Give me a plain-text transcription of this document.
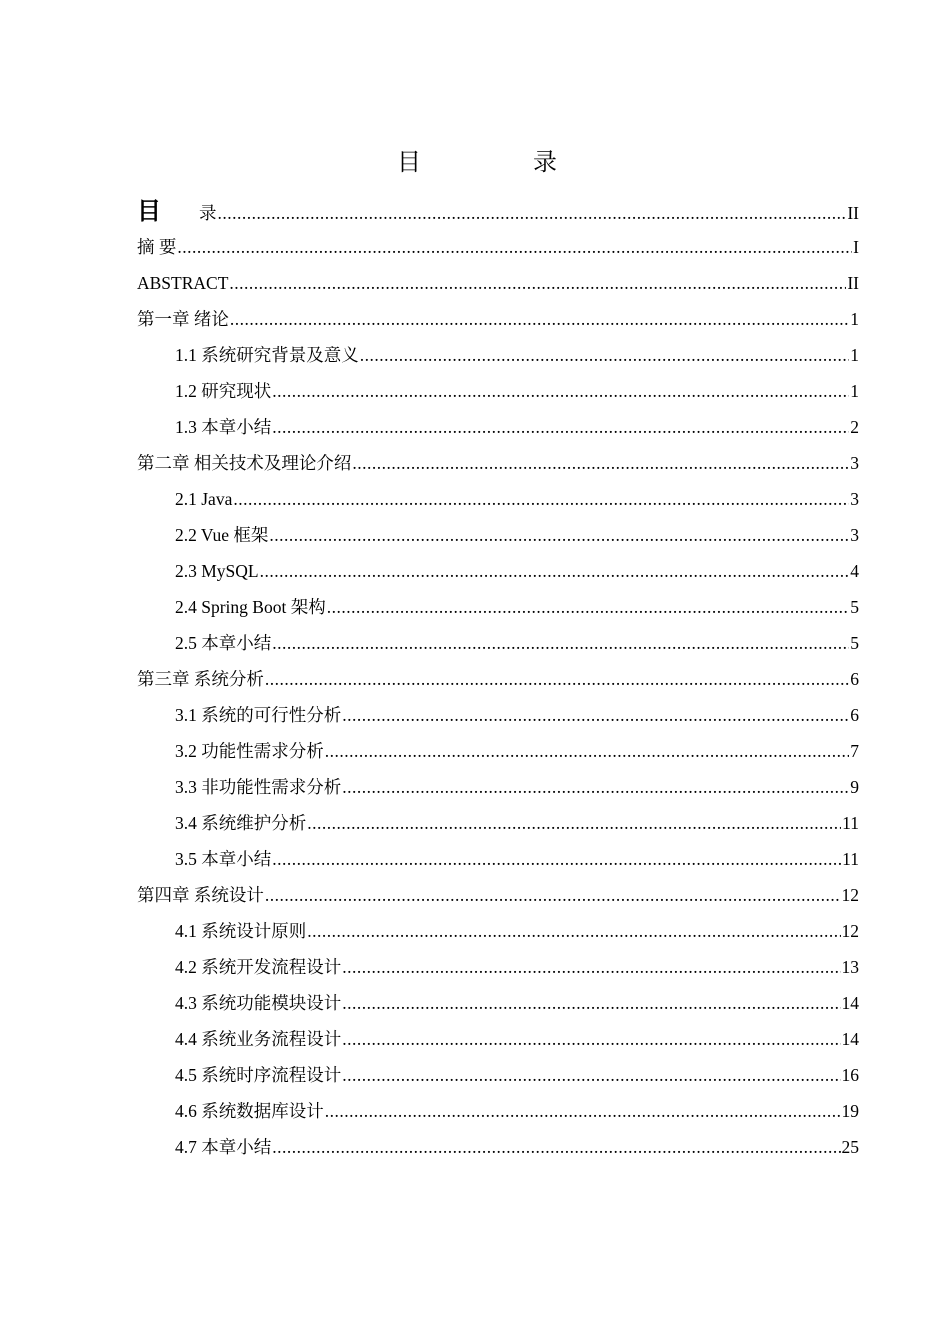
目　录
目 录 .....	II
摘 要 .....	I
ABSTRACT .....	II
第一章 绪论 .....	1
1.1 系统研究背景及意义 .....	1
1.2 研究现状 .....	1
1.3 本章小结 .....	2
第二章 相关技术及理论介绍 .....	3
2.1 Java .....	3
2.2 Vue 框架 .....	3
2.3 MySQL .....	4
2.4 Spring Boot 架构 .....	5
2.5 本章小结 .....	5
第三章 系统分析 .....	6
3.1 系统的可行性分析 .....	6
3.2 功能性需求分析 .....	7
3.3 非功能性需求分析 .....	9
3.4 系统维护分析 .....	11
3.5 本章小结 .....	11
第四章 系统设计 .....	12
4.1 系统设计原则 .....	12
4.2 系统开发流程设计 .....	13
4.3 系统功能模块设计 .....	14
4.4 系统业务流程设计 .....	14
4.5 系统时序流程设计 .....	16
4.6 系统数据库设计 .....	19
4.7 本章小结 .....	25
